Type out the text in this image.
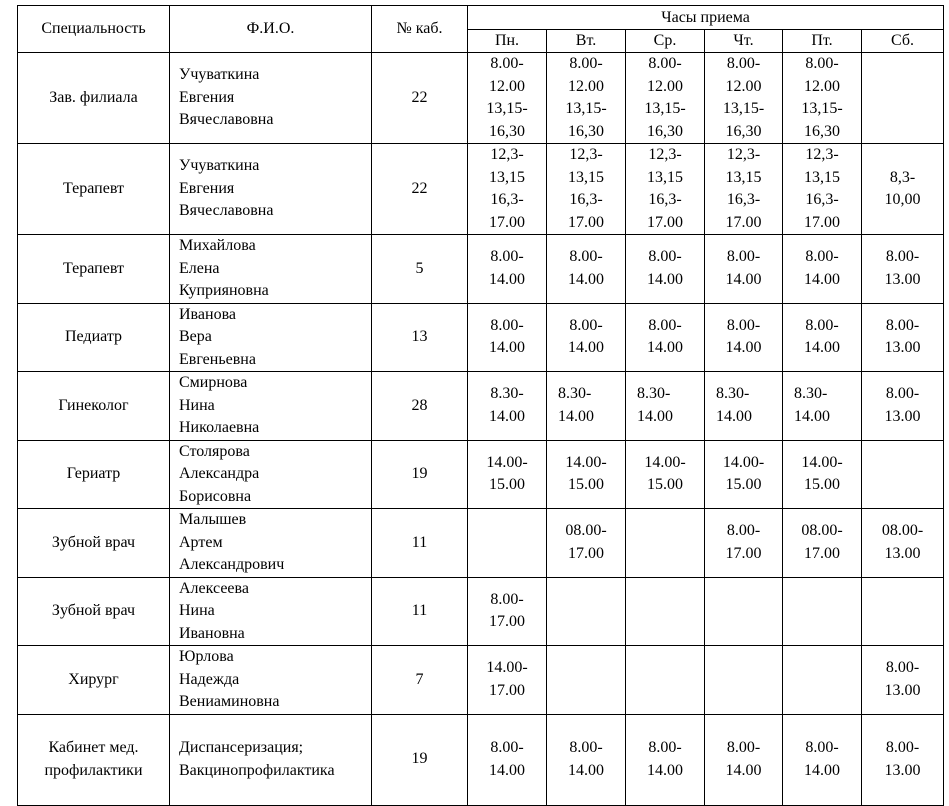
Специальность	Ф.И.О.	№ каб.	Часы приема					
			Пн.	Вт.	Ср.	Чт.	Пт.	Сб.

Зав. филиала	Учуваткина
Евгения
Вячеславовна	22	8.00-
12.00
13,15-
16,30	8.00-
12.00
13,15-
16,30	8.00-
12.00
13,15-
16,30	8.00-
12.00
13,15-
16,30	8.00-
12.00
13,15-
16,30	

Терапевт	Учуваткина
Евгения
Вячеславовна	22	12,3-
13,15
16,3-
17.00	12,3-
13,15
16,3-
17.00	12,3-
13,15
16,3-
17.00	12,3-
13,15
16,3-
17.00	12,3-
13,15
16,3-
17.00	8,3-
10,00

Терапевт	Михайлова
Елена
Куприяновна	5	8.00-
14.00	8.00-
14.00	8.00-
14.00	8.00-
14.00	8.00-
14.00	8.00-
13.00

Педиатр	Иванова
Вера
Евгеньевна	13	8.00-
14.00	8.00-
14.00	8.00-
14.00	8.00-
14.00	8.00-
14.00	8.00-
13.00

Гинеколог	Смирнова
Нина
Николаевна	28	8.30-
14.00	8.30-
14.00	8.30-
14.00	8.30-
14.00	8.30-
14.00	8.00-
13.00

Гериатр	Столярова
Александра
Борисовна	19	14.00-
15.00	14.00-
15.00	14.00-
15.00	14.00-
15.00	14.00-
15.00	

Зубной врач	Малышев
Артем
Александрович	11		08.00-
17.00		8.00-
17.00	08.00-
17.00	08.00-
13.00

Зубной врач	Алексеева
Нина
Ивановна	11	8.00-
17.00					

Хирург	Юрлова
Надежда
Вениаминовна	7	14.00-
17.00					8.00-
13.00

Кабинет мед.
профилактики	Диспансеризация;
Вакцинопрофилактика	19	8.00-
14.00	8.00-
14.00	8.00-
14.00	8.00-
14.00	8.00-
14.00	8.00-
13.00
